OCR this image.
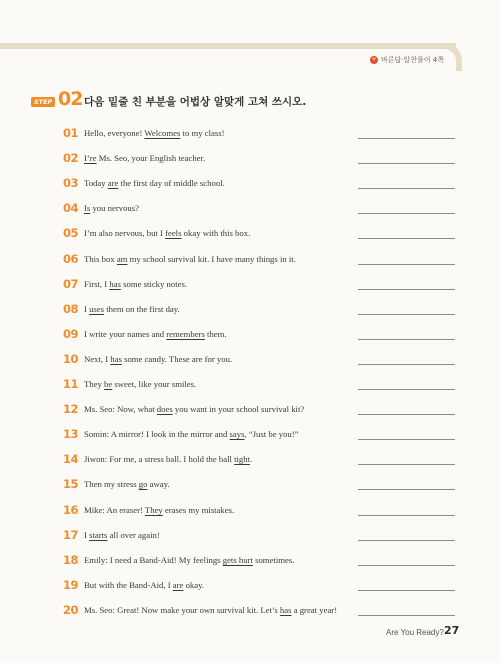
+ 바른답·알찬풀이 4쪽
STEP 02 다음 밑줄 친 부분을 어법상 알맞게 고쳐 쓰시오.
01 Hello, everyone! Welcomes to my class!
02 I’re Ms. Seo, your English teacher.
03 Today are the first day of middle school.
04 Is you nervous?
05 I’m also nervous, but I feels okay with this box.
06 This box am my school survival kit. I have many things in it.
07 First, I has some sticky notes.
08 I uses them on the first day.
09 I write your names and remembers them.
10 Next, I has some candy. These are for you.
11 They be sweet, like your smiles.
12 Ms. Seo: Now, what does you want in your school survival kit?
13 Somin: A mirror! I look in the mirror and says, “Just be you!”
14 Jiwon: For me, a stress ball. I hold the ball tight.
15 Then my stress go away.
16 Mike: An eraser! They erases my mistakes.
17 I starts all over again!
18 Emily: I need a Band-Aid! My feelings gets hurt sometimes.
19 But with the Band-Aid, I are okay.
20 Ms. Seo: Great! Now make your own survival kit. Let’s has a great year!
Are You Ready? 27
